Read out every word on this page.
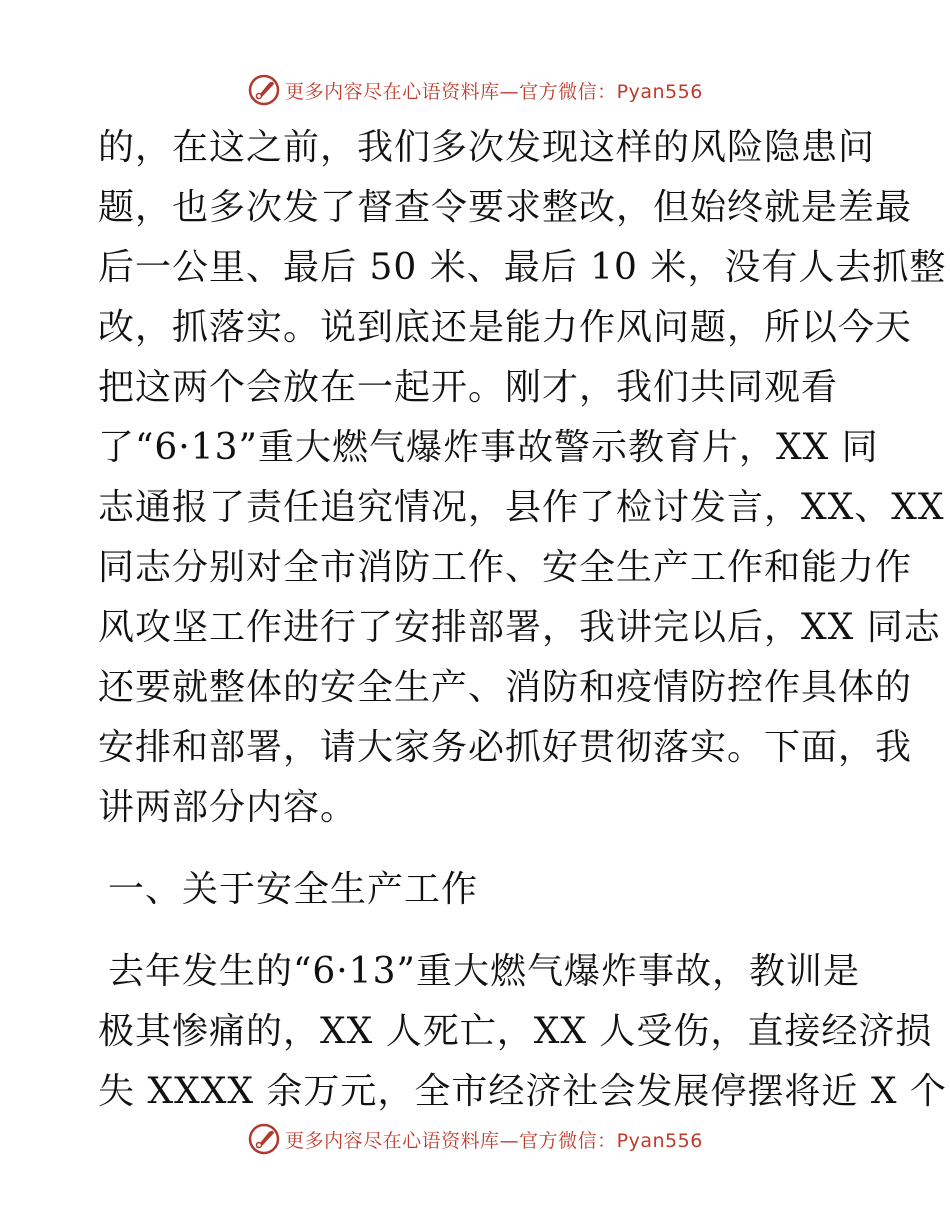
更多内容尽在心语资料库—官方微信：Pyan556
的，在这之前，我们多次发现这样的风险隐患问
题，也多次发了督查令要求整改，但始终就是差最
后一公里、最后 50 米、最后 10 米，没有人去抓整
改，抓落实。说到底还是能力作风问题，所以今天
把这两个会放在一起开。刚才，我们共同观看
了“6·13”重大燃气爆炸事故警示教育片，XX 同
志通报了责任追究情况，县作了检讨发言，XX、XX
同志分别对全市消防工作、安全生产工作和能力作
风攻坚工作进行了安排部署，我讲完以后，XX 同志
还要就整体的安全生产、消防和疫情防控作具体的
安排和部署，请大家务必抓好贯彻落实。下面，我
讲两部分内容。
一、关于安全生产工作
去年发生的“6·13”重大燃气爆炸事故，教训是
极其惨痛的，XX 人死亡，XX 人受伤，直接经济损
失 XXXX 余万元，全市经济社会发展停摆将近 X 个
更多内容尽在心语资料库—官方微信：Pyan556
